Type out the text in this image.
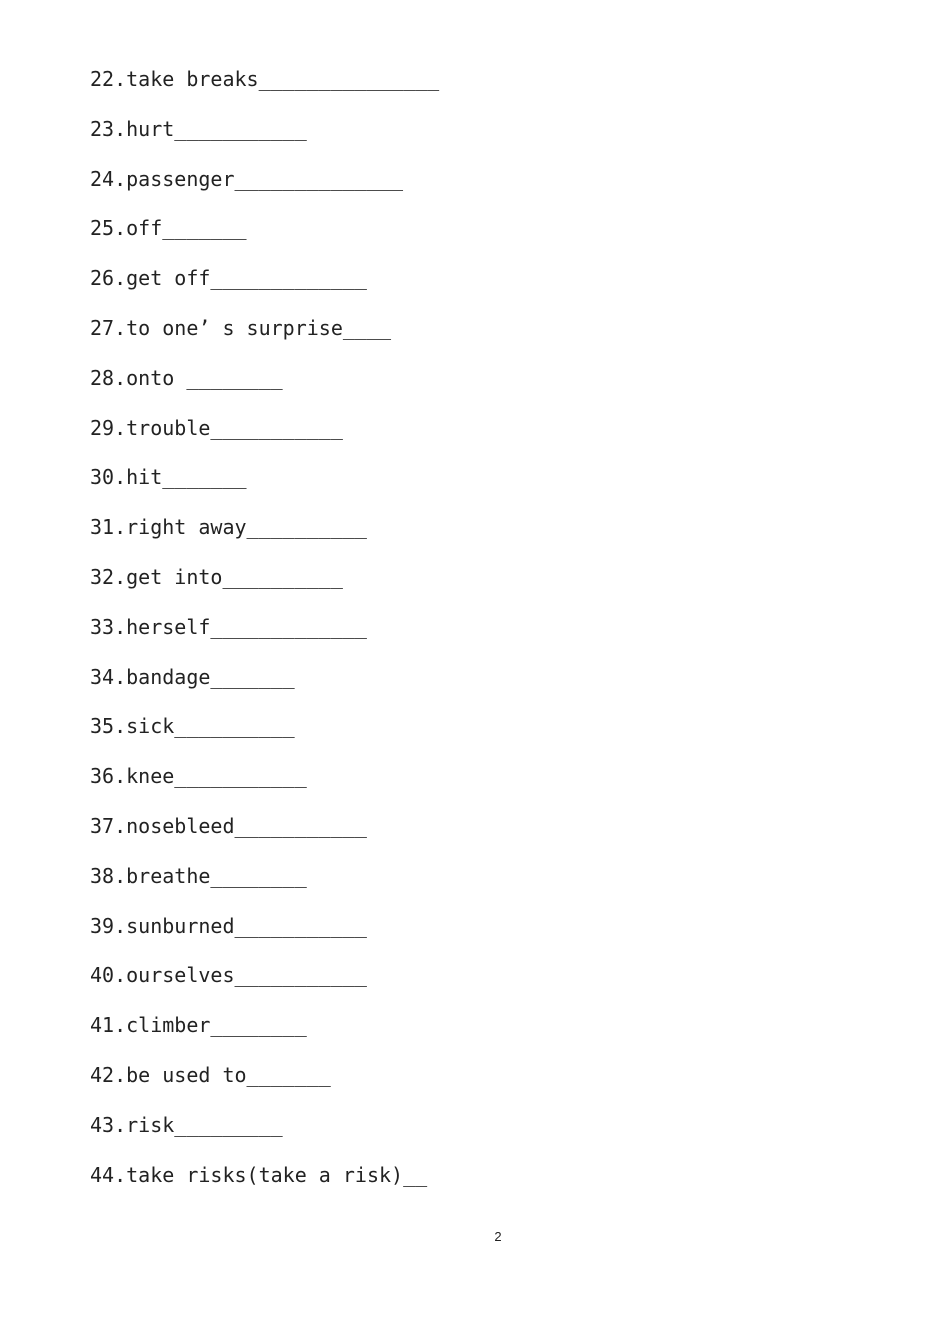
22.take breaks_______________
23.hurt___________
24.passenger______________
25.off_______
26.get off_____________
27.to one’ s surprise____
28.onto ________
29.trouble___________
30.hit_______
31.right away__________
32.get into__________
33.herself_____________
34.bandage_______
35.sick__________
36.knee___________
37.nosebleed___________
38.breathe________
39.sunburned___________
40.ourselves___________
41.climber________
42.be used to_______
43.risk_________
44.take risks(take a risk)__
2
